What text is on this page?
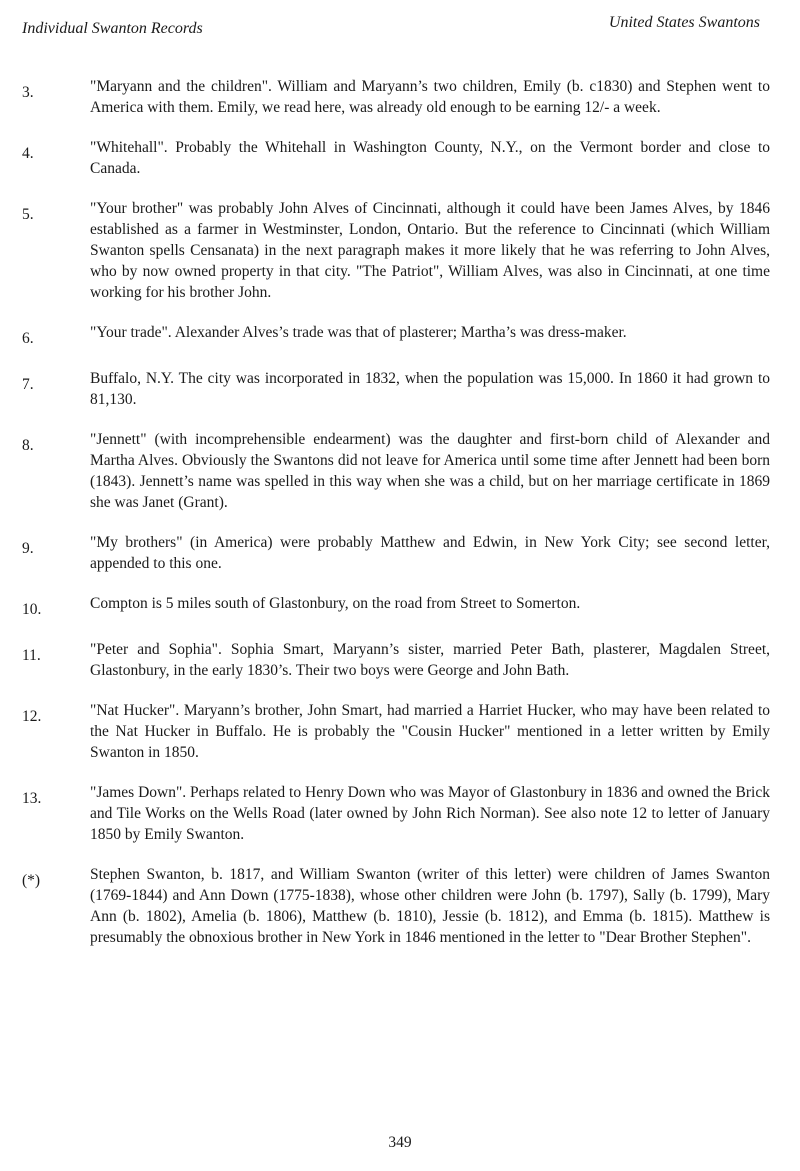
Individual Swanton Records	United States Swantons
3.	"Maryann and the children". William and Maryann’s two children, Emily (b. c1830) and Stephen went to America with them. Emily, we read here, was already old enough to be earning 12/- a week.
4.	"Whitehall". Probably the Whitehall in Washington County, N.Y., on the Vermont border and close to Canada.
5.	"Your brother" was probably John Alves of Cincinnati, although it could have been James Alves, by 1846 established as a farmer in Westminster, London, Ontario. But the reference to Cincinnati (which William Swanton spells Censanata) in the next paragraph makes it more likely that he was referring to John Alves, who by now owned property in that city. "The Patriot", William Alves, was also in Cincinnati, at one time working for his brother John.
6.	"Your trade". Alexander Alves’s trade was that of plasterer; Martha’s was dress-maker.
7.	Buffalo, N.Y. The city was incorporated in 1832, when the population was 15,000. In 1860 it had grown to 81,130.
8.	"Jennett" (with incomprehensible endearment) was the daughter and first-born child of Alexander and Martha Alves. Obviously the Swantons did not leave for America until some time after Jennett had been born (1843). Jennett’s name was spelled in this way when she was a child, but on her marriage certificate in 1869 she was Janet (Grant).
9.	"My brothers" (in America) were probably Matthew and Edwin, in New York City; see second letter, appended to this one.
10.	Compton is 5 miles south of Glastonbury, on the road from Street to Somerton.
11.	"Peter and Sophia". Sophia Smart, Maryann’s sister, married Peter Bath, plasterer, Magdalen Street, Glastonbury, in the early 1830’s. Their two boys were George and John Bath.
12.	"Nat Hucker". Maryann’s brother, John Smart, had married a Harriet Hucker, who may have been related to the Nat Hucker in Buffalo. He is probably the "Cousin Hucker" mentioned in a letter written by Emily Swanton in 1850.
13.	"James Down". Perhaps related to Henry Down who was Mayor of Glastonbury in 1836 and owned the Brick and Tile Works on the Wells Road (later owned by John Rich Norman). See also note 12 to letter of January 1850 by Emily Swanton.
(*)	Stephen Swanton, b. 1817, and William Swanton (writer of this letter) were children of James Swanton (1769-1844) and Ann Down (1775-1838), whose other children were John (b. 1797), Sally (b. 1799), Mary Ann (b. 1802), Amelia (b. 1806), Matthew (b. 1810), Jessie (b. 1812), and Emma (b. 1815). Matthew is presumably the obnoxious brother in New York in 1846 mentioned in the letter to "Dear Brother Stephen".
349
